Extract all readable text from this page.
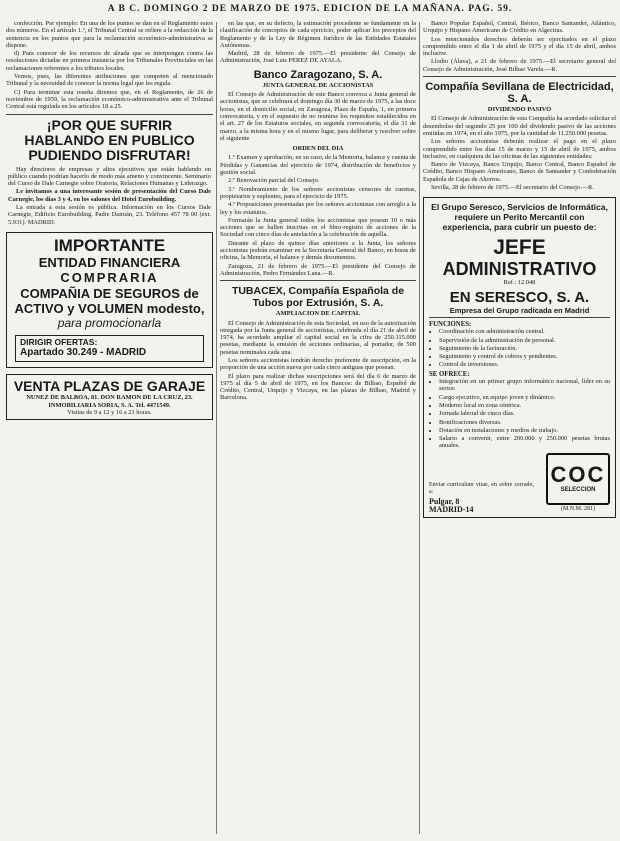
A B C. DOMINGO 2 DE MARZO DE 1975. EDICION DE LA MAÑANA. PAG. 59.

confección. Por ejemplo: En una de los puntos se dan en el Reglamento estos dos números. En el artículo 1.º, el Tribunal Central se refiere a la redacción de la sentencia en los puntos que para la reclamación económico-administrativa se dispone.

d) Para conocer de los recursos de alzada que se interpongan contra las resoluciones dictadas en primera instancia por los Tribunales Provinciales en las reclamaciones referentes a los tributos locales.

Vemos, pues, las diferentes atribuciones que competen al mencionado Tribunal y la necesidad de conocer la norma legal que les regula.

C) Para terminar esta reseña diremos que, en el Reglamento, de 26 de noviembre de 1959, la reclamación económico-administrativa ante el Tribunal Central está regulada en los artículos 18 a 25.

¡POR QUE SUFRIR HABLANDO EN PUBLICO PUDIENDO DISFRUTAR!

Hay directores de empresas y altos ejecutivos que están hablando en público cuando podrían hacerlo de modo más ameno y convincente. Seminario del Curso de Dale Carnegie sobre Oratoria, Relaciones Humanas y Liderazgo.

Le invitamos a una interesante sesión de presentación del Curso Dale Carnegie, los días 3 y 4, en los salones del Hotel Eurobuilding.

La entrada a esta sesión es pública. Información en los Cursos Dale Carnegie, Edificio Eurobuilding. Padre Damián, 23. Teléfono 457 78 00 (ext. 5.931). MADRID.

IMPORTANTE
ENTIDAD FINANCIERA
COMPRARIA
COMPAÑIA DE SEGUROS de ACTIVO y VOLUMEN modesto,
para promocionarla
DIRIGIR OFERTAS:
Apartado 30.249 - MADRID
VENTA PLAZAS DE GARAJE
NUNEZ DE BALBOA, 81. DON RAMON DE LA CRUZ, 23.
INMOBILIARIA SORIA, S. A. Tel. 4471549.
Visitas de 9 a 12 y 16 a 21 horas.

en las que, en su defecto, la estimación procedente se fundamente en la clasificación de conceptos de cada ejercicio, poder aplicar los preceptos del Reglamento y de la Ley de Régimen Jurídico de las Entidades Estatales Autónomas.

Madrid, 28 de febrero de 1975.—El presidente del Consejo de Administración, José Luis PEREZ DE AYALA.

Banco Zaragozano, S. A.
JUNTA GENERAL DE ACCIONISTAS

El Consejo de Administración de este Banco convoca a Junta general de accionistas, que se celebrará el domingo día 30 de marzo de 1975, a las doce horas, en el domicilio social, en Zaragoza, Plaza de España, 1, en primera convocatoria, y en el supuesto de no reunirse los requisitos establecidos en el art. 27 de los Estatutos sociales, en segunda convocatoria, el día 31 de marzo, a la misma hora y en el mismo lugar, para deliberar y resolver sobre el siguiente

ORDEN DEL DIA

1.º Examen y aprobación, en su caso, de la Memoria, balance y cuenta de Pérdidas y Ganancias del ejercicio de 1974, distribución de beneficios y gestión social.

2.º Renovación parcial del Consejo.

3.º Nombramiento de los señores accionistas censores de cuentas, propietarios y suplentes, para el ejercicio de 1975.

4.º Proposiciones presentadas por los señores accionistas con arreglo a la ley y los estatutos.

Formarán la Junta general todos los accionistas que posean 10 o más acciones que se hallen inscritas en el libro-registro de acciones de la Sociedad con cinco días de antelación a la celebración de aquélla.

Durante el plazo de quince días anteriores a la Junta, los señores accionistas podrán examinar en la Secretaría General del Banco, en horas de oficina, la Memoria, el balance y demás documentos.

Zaragoza, 21 de febrero de 1975.—El presidente del Consejo de Administración, Pedro Fernández Lana.—R.

TUBACEX, Compañía Española de Tubos por Extrusión, S. A.
AMPLIACION DE CAPITAL

El Consejo de Administración de esta Sociedad, en uso de la autorización otorgada por la Junta general de accionistas, celebrada el día 21 de abril de 1974, ha acordado ampliar el capital social en la cifra de 250.115.000 pesetas, mediante la emisión de acciones ordinarias, al portador, de 500 pesetas nominales cada una.

Los señores accionistas tendrán derecho preferente de suscripción, en la proporción de una acción nueva por cada cinco antiguas que posean.

El plazo para realizar dichas suscripciones será del día 6 de marzo de 1975 al día 5 de abril de 1975, en los Bancos: de Bilbao, Español de Crédito, Central, Urquijo y Vizcaya, en las plazas de Bilbao, Madrid y Barcelona.

Banco Popular Español, Central, Ibérico, Banco Santander, Atlántico, Urquijo y Hispano Americano de Crédito en Algeciras.

Los mencionados derechos deberán ser ejercitados en el plazo comprendido entre el día 1 de abril de 1975 y el día 15 de abril, ambos inclusive.

Llodio (Álava), a 21 de febrero de 1975.—El secretario general del Consejo de Administración, José Bilbao Varela.—R.

Compañía Sevillana de Electricidad, S. A.
DIVIDENDO PASIVO

El Consejo de Administración de esta Compañía ha acordado solicitar el desembolso del segundo 25 por 100 del dividendo pasivo de las acciones emitidas en 1974, en el año 1975, por la cantidad de 11.250.000 pesetas.

Los señores accionistas deberán realizar el pago en el plazo comprendido entre los días 15 de marzo y 15 de abril de 1975, ambos inclusive, en cualquiera de las oficinas de las siguientes entidades:

Banco de Vizcaya, Banco Urquijo, Banco Central, Banco Español de Crédito, Banco Hispano Americano, Banco de Santander y Confederación Española de Cajas de Ahorros.

Sevilla, 28 de febrero de 1975.—El secretario del Consejo.—R.

El Grupo Seresco, Servicios de Informática, requiere un Perito Mercantil con experiencia, para cubrir un puesto de:
JEFE
ADMINISTRATIVO
Ref.: 12.048
EN SERESCO, S. A.
Empresa del Grupo radicada en Madrid
FUNCIONES:
• Coordinación con administración central.
• Supervisión de la administración de personal.
• Seguimiento de la facturación.
• Seguimiento y control de cobros y pendientes.
• Control de inversiones.
SE OFRECE:
• Integración en un primer grupo informático nacional, líder en su sector.
• Cargo ejecutivo, en equipo joven y dinámico.
• Moderno local en zona céntrica.
• Jornada laboral de cinco días.
• Bonificaciones diversas.
• Dotación en instalaciones y medios de trabajo.
• Salario a convenir, entre 200.000 y 250.000 pesetas brutas anuales.
Enviar curriculum vitae, en sobre cerrado, a:
Pulgar, 8
MADRID-14
COC
SELECCION
(M.N.M. 281)
